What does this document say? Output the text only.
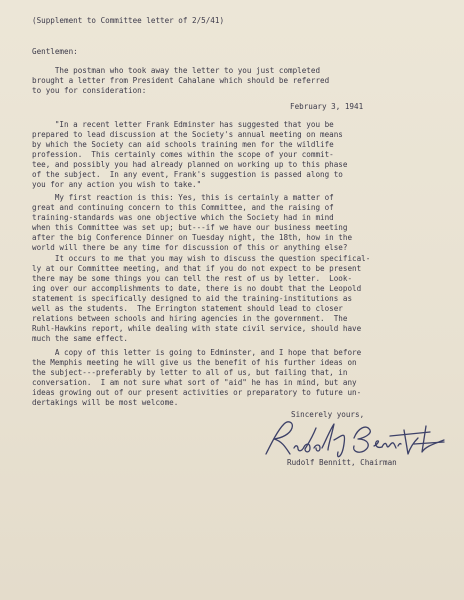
(Supplement to Committee letter of 2/5/41)
Gentlemen:

The postman who took away the letter to you just completed

brought a letter from President Cahalane which should be referred

to you for consideration:

February 3, 1941

"In a recent letter Frank Edminster has suggested that you be

prepared to lead discussion at the Society's annual meeting on means

by which the Society can aid schools training men for the wildlife

profession.  This certainly comes within the scope of your commit-

tee, and possibly you had already planned on working up to this phase

of the subject.  In any event, Frank's suggestion is passed along to

you for any action you wish to take."

My first reaction is this: Yes, this is certainly a matter of

great and continuing concern to this Committee, and the raising of

training-standards was one objective which the Society had in mind

when this Committee was set up; but---if we have our business meeting

after the big Conference Dinner on Tuesday night, the 18th, how in the

world will there be any time for discussion of this or anything else?

It occurs to me that you may wish to discuss the question specifical-

ly at our Committee meeting, and that if you do not expect to be present

there may be some things you can tell the rest of us by letter.  Look-

ing over our accomplishments to date, there is no doubt that the Leopold

statement is specifically designed to aid the training-institutions as

well as the students.  The Errington statement should lead to closer

relations between schools and hiring agencies in the government.  The

Ruhl-Hawkins report, while dealing with state civil service, should have

much the same effect.

A copy of this letter is going to Edminster, and I hope that before

the Memphis meeting he will give us the benefit of his further ideas on

the subject---preferably by letter to all of us, but failing that, in

conversation.  I am not sure what sort of "aid" he has in mind, but any

ideas growing out of our present activities or preparatory to future un-

dertakings will be most welcome.

Sincerely yours,
Rudolf Bennitt, Chairman
